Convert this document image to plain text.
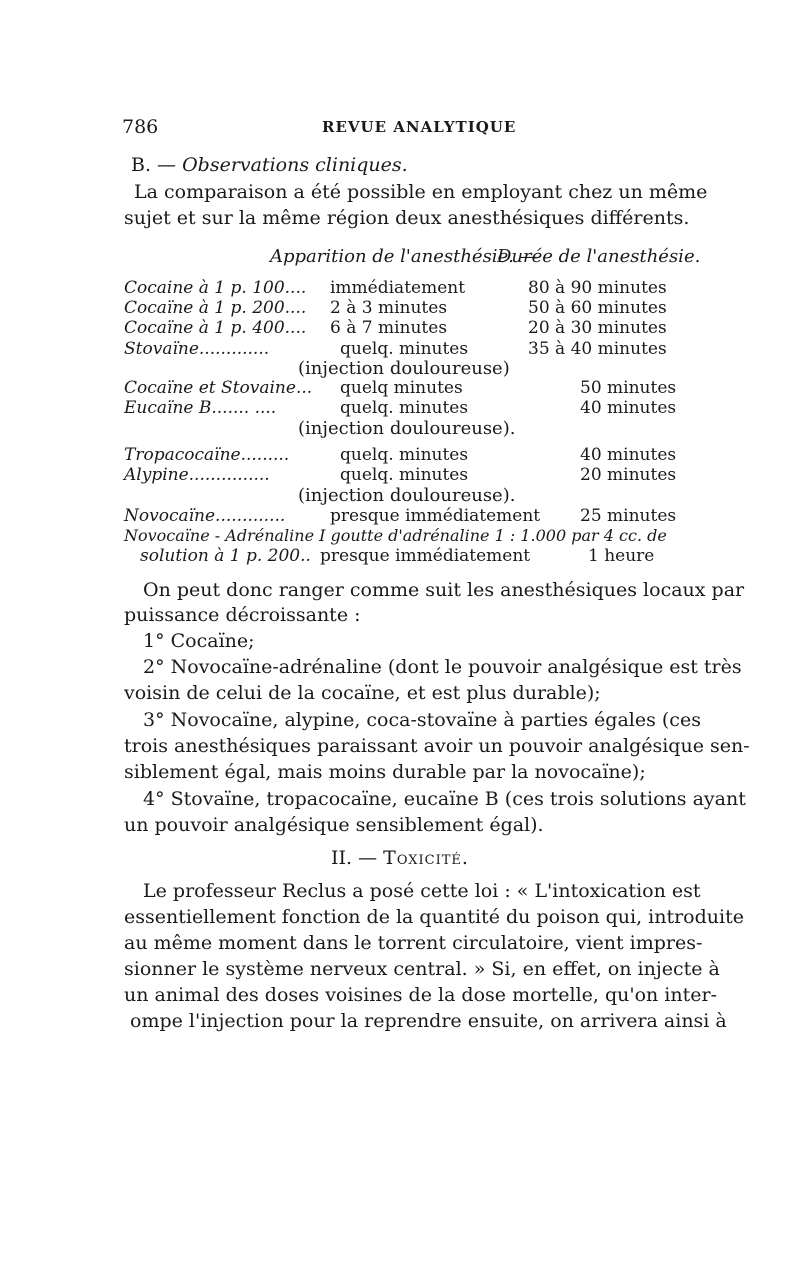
786	REVUE ANALYTIQUE
B. — Observations cliniques.
La comparaison a été possible en employant chez un même
sujet et sur la même région deux anesthésiques différents.
Apparition de l'anesthésie. —
Durée de l'anesthésie.
Cocaine à 1 p. 100.... immédiatement	80 à 90 minutes
Cocaïne à 1 p. 200.... 2 à 3 minutes	50 à 60 minutes
Cocaïne à 1 p. 400.... 6 à 7 minutes	20 à 30 minutes
Stovaïne.............	quelq. minutes	35 à 40 minutes
(injection douloureuse)
Cocaïne et Stovaine... quelq minutes	50 minutes
Eucaïne B....... ....	quelq. minutes	40 minutes
(injection douloureuse).
Tropacocaïne.........	quelq. minutes	40 minutes
Alypine...............	quelq. minutes	20 minutes
(injection douloureuse).
Novocaïne.............	presque immédiatement 25 minutes
Novocaïne - Adrénaline I goutte d'adrénaline 1 : 1.000 par 4 cc. de
solution à 1 p. 200.. presque immédiatement	1 heure
On peut donc ranger comme suit les anesthésiques locaux par
puissance décroissante :
1° Cocaïne;
2° Novocaïne-adrénaline (dont le pouvoir analgésique est très
voisin de celui de la cocaïne, et est plus durable);
3° Novocaïne, alypine, coca-stovaïne à parties égales (ces
trois anesthésiques paraissant avoir un pouvoir analgésique sen-
siblement égal, mais moins durable par la novocaïne);
4° Stovaïne, tropacocaïne, eucaïne B (ces trois solutions ayant
un pouvoir analgésique sensiblement égal).
II. — Toxicité.
Le professeur Reclus a posé cette loi : « L'intoxication est
essentiellement fonction de la quantité du poison qui, introduite
au même moment dans le torrent circulatoire, vient impres-
sionner le système nerveux central. » Si, en effet, on injecte à
un animal des doses voisines de la dose mortelle, qu'on inter-
ompe l'injection pour la reprendre ensuite, on arrivera ainsi à
